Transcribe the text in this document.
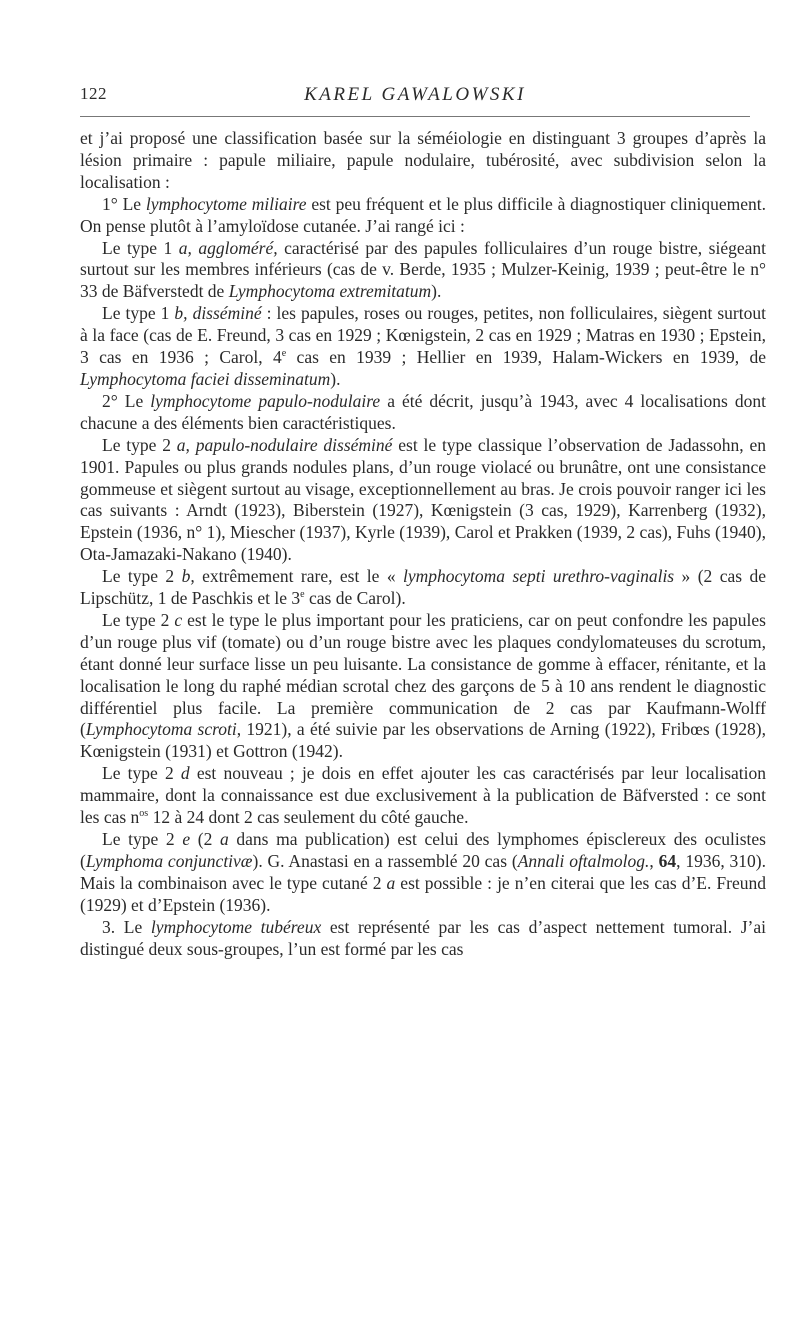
122	KAREL GAWALOWSKI

et j’ai proposé une classification basée sur la séméiologie en distinguant 3 groupes d’après la lésion primaire : papule miliaire, papule nodulaire, tubérosité, avec subdivision selon la localisation :

1° Le lymphocytome miliaire est peu fréquent et le plus difficile à diagnostiquer cliniquement. On pense plutôt à l’amyloïdose cutanée. J’ai rangé ici :

Le type 1 a, aggloméré, caractérisé par des papules folliculaires d’un rouge bistre, siégeant surtout sur les membres inférieurs (cas de v. Berde, 1935 ; Mulzer-Keinig, 1939 ; peut-être le n° 33 de Bäfverstedt de Lymphocytoma extremitatum).

Le type 1 b, disséminé : les papules, roses ou rouges, petites, non folliculaires, siègent surtout à la face (cas de E. Freund, 3 cas en 1929 ; Kœnigstein, 2 cas en 1929 ; Matras en 1930 ; Epstein, 3 cas en 1936 ; Carol, 4e cas en 1939 ; Hellier en 1939, Halam-Wickers en 1939, de Lymphocytoma faciei disseminatum).

2° Le lymphocytome papulo-nodulaire a été décrit, jusqu’à 1943, avec 4 localisations dont chacune a des éléments bien caractéristiques.

Le type 2 a, papulo-nodulaire disséminé est le type classique l’observation de Jadassohn, en 1901. Papules ou plus grands nodules plans, d’un rouge violacé ou brunâtre, ont une consistance gommeuse et siègent surtout au visage, exceptionnellement au bras. Je crois pouvoir ranger ici les cas suivants : Arndt (1923), Biberstein (1927), Kœnigstein (3 cas, 1929), Karrenberg (1932), Epstein (1936, n° 1), Miescher (1937), Kyrle (1939), Carol et Prakken (1939, 2 cas), Fuhs (1940), Ota-Jamazaki-Nakano (1940).

Le type 2 b, extrêmement rare, est le « lymphocytoma septi urethro-vaginalis » (2 cas de Lipschütz, 1 de Paschkis et le 3e cas de Carol).

Le type 2 c est le type le plus important pour les praticiens, car on peut confondre les papules d’un rouge plus vif (tomate) ou d’un rouge bistre avec les plaques condylomateuses du scrotum, étant donné leur surface lisse un peu luisante. La consistance de gomme à effacer, rénitante, et la localisation le long du raphé médian scrotal chez des garçons de 5 à 10 ans rendent le diagnostic différentiel plus facile. La première communication de 2 cas par Kaufmann-Wolff (Lymphocytoma scroti, 1921), a été suivie par les observations de Arning (1922), Fribœs (1928), Kœnigstein (1931) et Gottron (1942).

Le type 2 d est nouveau ; je dois en effet ajouter les cas caractérisés par leur localisation mammaire, dont la connaissance est due exclusivement à la publication de Bäfversted : ce sont les cas $n^{os}$ 12 à 24 dont 2 cas seulement du côté gauche.

Le type 2 e (2 a dans ma publication) est celui des lymphomes épisclereux des oculistes (Lymphoma conjunctivæ). G. Anastasi en a rassemblé 20 cas (Annali oftalmolog., 64, 1936, 310). Mais la combinaison avec le type cutané 2 a est possible : je n’en citerai que les cas d’E. Freund (1929) et d’Epstein (1936).

3. Le lymphocytome tubéreux est représenté par les cas d’aspect nettement tumoral. J’ai distingué deux sous-groupes, l’un est formé par les cas
